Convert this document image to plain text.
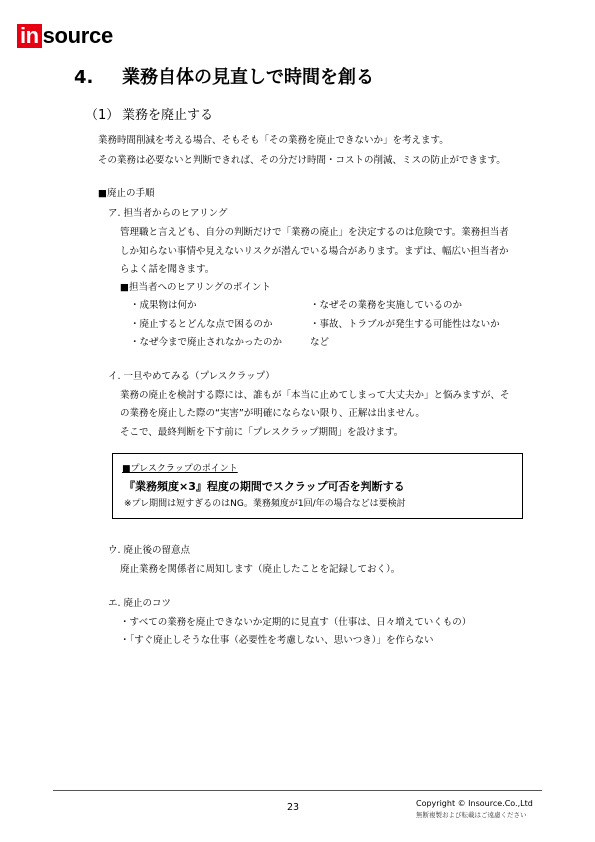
in source
4. 業務自体の見直しで時間を創る
（1） 業務を廃止する
業務時間削減を考える場合、そもそも「その業務を廃止できないか」を考えます。
その業務は必要ないと判断できれば、その分だけ時間・コストの削減、ミスの防止ができます。
■廃止の手順
ア. 担当者からのヒアリング
管理職と言えども、自分の判断だけで「業務の廃止」を決定するのは危険です。業務担当者
しか知らない事情や見えないリスクが潜んでいる場合があります。まずは、幅広い担当者か
らよく話を聞きます。
■担当者へのヒアリングのポイント
・成果物は何か
・廃止するとどんな点で困るのか
・なぜ今まで廃止されなかったのか
・なぜその業務を実施しているのか
・事故、トラブルが発生する可能性はないか
など
イ. 一旦やめてみる（プレスクラップ）
業務の廃止を検討する際には、誰もが「本当に止めてしまって大丈夫か」と悩みますが、そ
の業務を廃止した際の“実害”が明確にならない限り、正解は出ません。
そこで、最終判断を下す前に「プレスクラップ期間」を設けます。
■プレスクラップのポイント
『業務頻度×3』程度の期間でスクラップ可否を判断する
※プレ期間は短すぎるのはNG。業務頻度が1回/年の場合などは要検討
ウ. 廃止後の留意点
廃止業務を関係者に周知します（廃止したことを記録しておく）。
エ. 廃止のコツ
・すべての業務を廃止できないか定期的に見直す（仕事は、日々増えていくもの）
・「すぐ廃止しそうな仕事（必要性を考慮しない、思いつき）」を作らない
23	Copyright © Insource.Co.,Ltd
無断複製および転載はご遠慮ください
